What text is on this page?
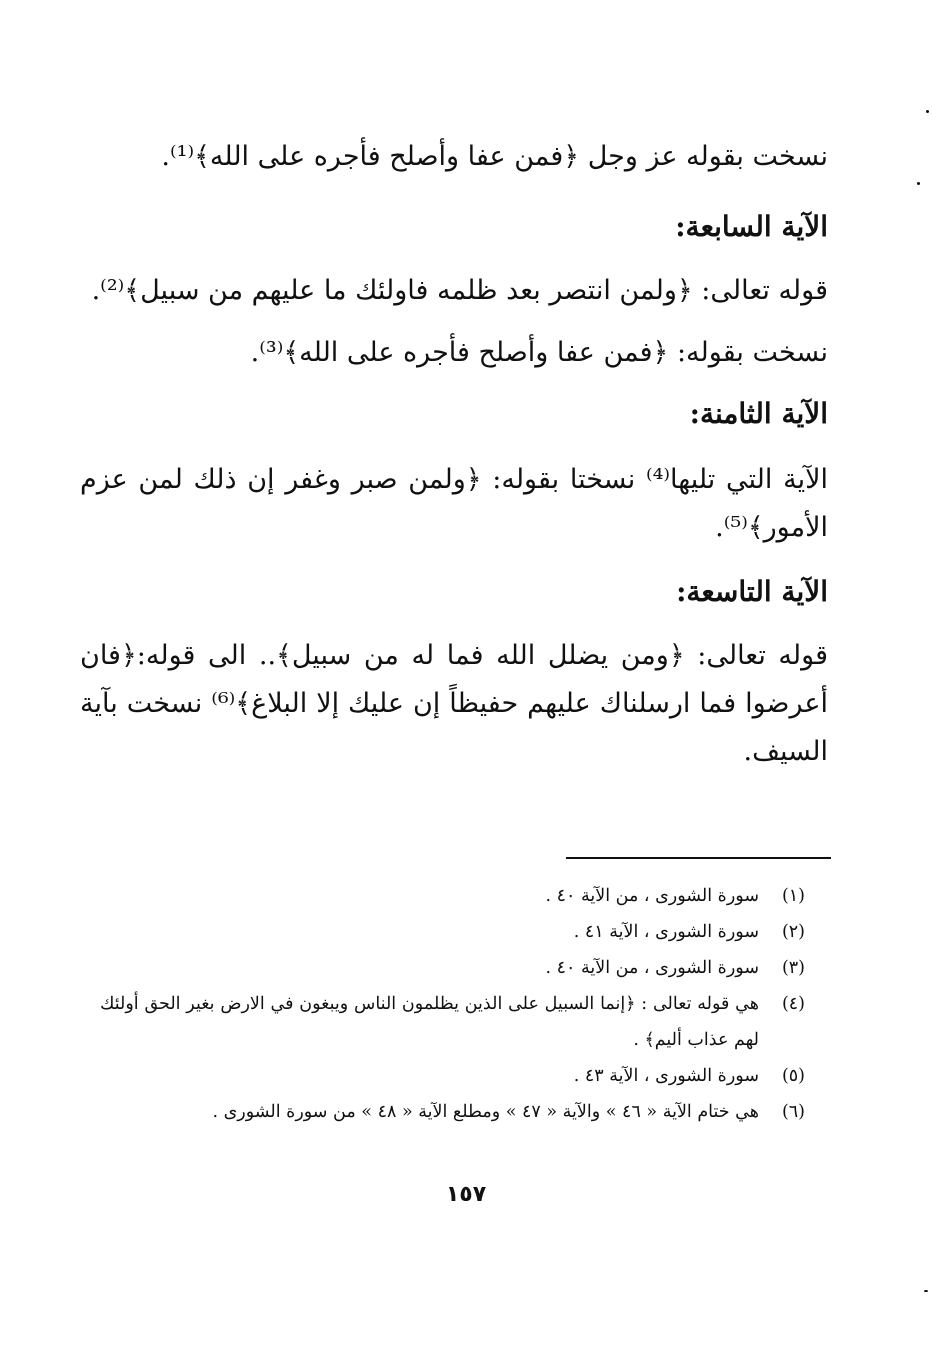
نسخت بقوله عز وجل ﴿فمن عفا وأصلح فأجره على الله﴾⁽¹⁾.
الآية السابعة:
قوله تعالى: ﴿ولمن انتصر بعد ظلمه فاولئك ما عليهم من سبيل﴾⁽²⁾.
نسخت بقوله: ﴿فمن عفا وأصلح فأجره على الله﴾⁽³⁾.
الآية الثامنة:
الآية التي تليها⁽⁴⁾ نسختا بقوله: ﴿ولمن صبر وغفر إن ذلك لمن عزم الأمور﴾⁽⁵⁾.
الآية التاسعة:
قوله تعالى: ﴿ومن يضلل الله فما له من سبيل﴾.. الى قوله:﴿فان أعرضوا فما ارسلناك عليهم حفيظاً إن عليك إلا البلاغ﴾⁽⁶⁾ نسخت بآية السيف.
(١)
سورة الشورى ، من الآية ٤٠ .
(٢)
سورة الشورى ، الآية ٤١ .
(٣)
سورة الشورى ، من الآية ٤٠ .
(٤)
هي قوله تعالى : ﴿إنما السبيل على الذين يظلمون الناس ويبغون في الارض بغير الحق أولئك لهم عذاب أليم﴾ .
(٥)
سورة الشورى ، الآية ٤٣ .
(٦)
هي ختام الآية « ٤٦ » والآية « ٤٧ » ومطلع الآية « ٤٨ » من سورة الشورى .
١٥٧
